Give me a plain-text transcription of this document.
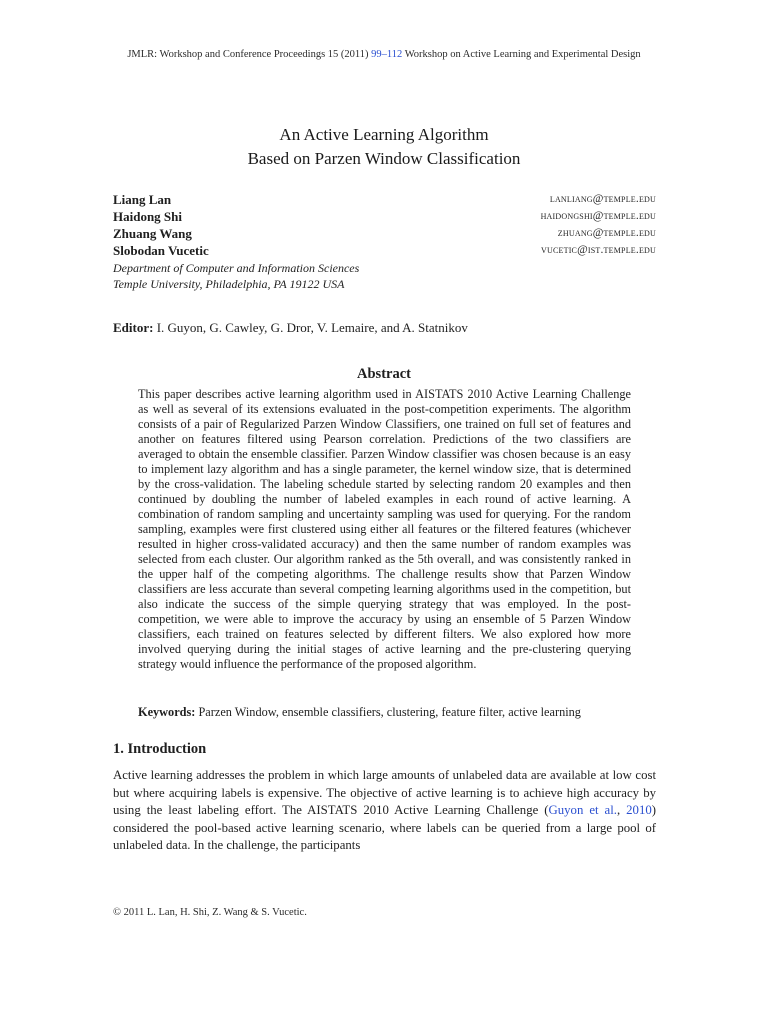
JMLR: Workshop and Conference Proceedings 15 (2011) 99–112 Workshop on Active Learning and Experimental Design
An Active Learning Algorithm
Based on Parzen Window Classification
Liang Lan	lanliang@temple.edu
Haidong Shi	haidongshi@temple.edu
Zhuang Wang	zhuang@temple.edu
Slobodan Vucetic	vucetic@ist.temple.edu
Department of Computer and Information Sciences
Temple University, Philadelphia, PA 19122 USA
Editor: I. Guyon, G. Cawley, G. Dror, V. Lemaire, and A. Statnikov
Abstract

This paper describes active learning algorithm used in AISTATS 2010 Active Learning Challenge as well as several of its extensions evaluated in the post-competition experiments. The algorithm consists of a pair of Regularized Parzen Window Classifiers, one trained on full set of features and another on features filtered using Pearson correlation. Predictions of the two classifiers are averaged to obtain the ensemble classifier. Parzen Window classifier was chosen because is an easy to implement lazy algorithm and has a single parameter, the kernel window size, that is determined by the cross-validation. The labeling schedule started by selecting random 20 examples and then continued by doubling the number of labeled examples in each round of active learning. A combination of random sampling and uncertainty sampling was used for querying. For the random sampling, examples were first clustered using either all features or the filtered features (whichever resulted in higher cross-validated accuracy) and then the same number of random examples was selected from each cluster. Our algorithm ranked as the 5th overall, and was consistently ranked in the upper half of the competing algorithms. The challenge results show that Parzen Window classifiers are less accurate than several competing learning algorithms used in the competition, but also indicate the success of the simple querying strategy that was employed. In the post-competition, we were able to improve the accuracy by using an ensemble of 5 Parzen Window classifiers, each trained on features selected by different filters. We also explored how more involved querying during the initial stages of active learning and the pre-clustering querying strategy would influence the performance of the proposed algorithm.

Keywords: Parzen Window, ensemble classifiers, clustering, feature filter, active learning

1. Introduction

Active learning addresses the problem in which large amounts of unlabeled data are available at low cost but where acquiring labels is expensive. The objective of active learning is to achieve high accuracy by using the least labeling effort. The AISTATS 2010 Active Learning Challenge (Guyon et al., 2010) considered the pool-based active learning scenario, where labels can be queried from a large pool of unlabeled data. In the challenge, the participants

© 2011 L. Lan, H. Shi, Z. Wang & S. Vucetic.
